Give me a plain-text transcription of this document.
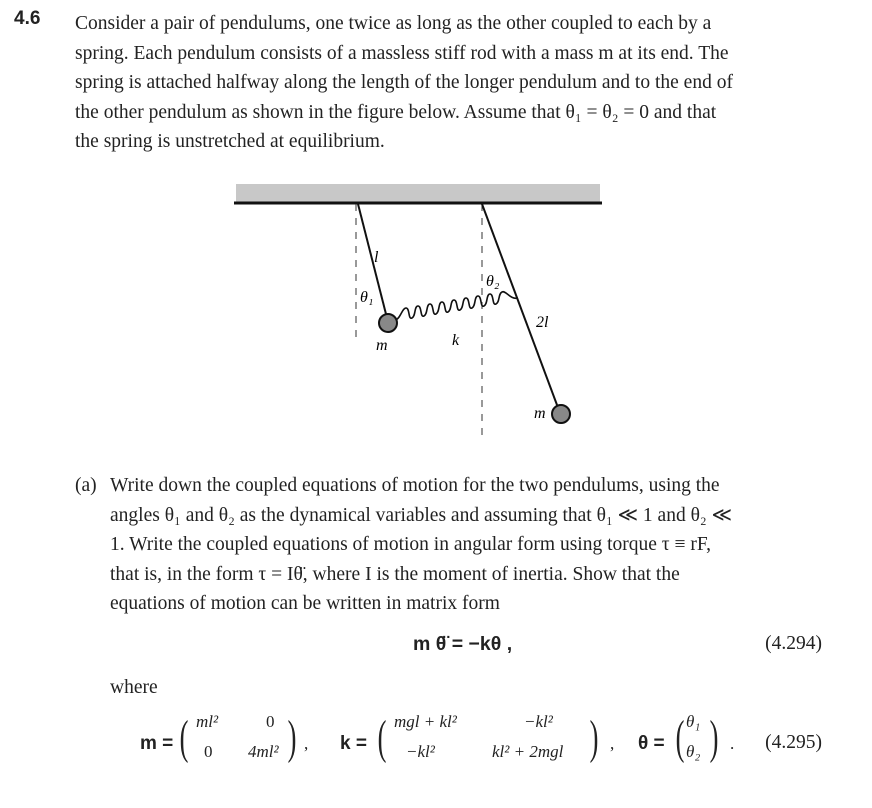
4.6 Consider a pair of pendulums, one twice as long as the other coupled to each by a
spring. Each pendulum consists of a massless stiff rod with a mass m at its end. The
spring is attached halfway along the length of the longer pendulum and to the end of
the other pendulum as shown in the figure below. Assume that θ₁ = θ₂ = 0 and that
the spring is unstretched at equilibrium.
l
θ₁
θ₂
2l
m	k
m
(a) Write down the coupled equations of motion for the two pendulums, using the
angles θ₁ and θ₂ as the dynamical variables and assuming that θ₁ ≪ 1 and θ₂ ≪
1. Write the coupled equations of motion in angular form using torque τ ≡ rF,
that is, in the form τ = Iθ̈, where I is the moment of inertia. Show that the
equations of motion can be written in matrix form
m θ̈ = −kθ ,	(4.294)
where
m = ( ml²	0
0 4ml² ) , k = ( mgl + kl²	−kl²
−kl²	kl² + 2mgl ) , θ = ( θ₁
θ₂ ) . (4.295)
